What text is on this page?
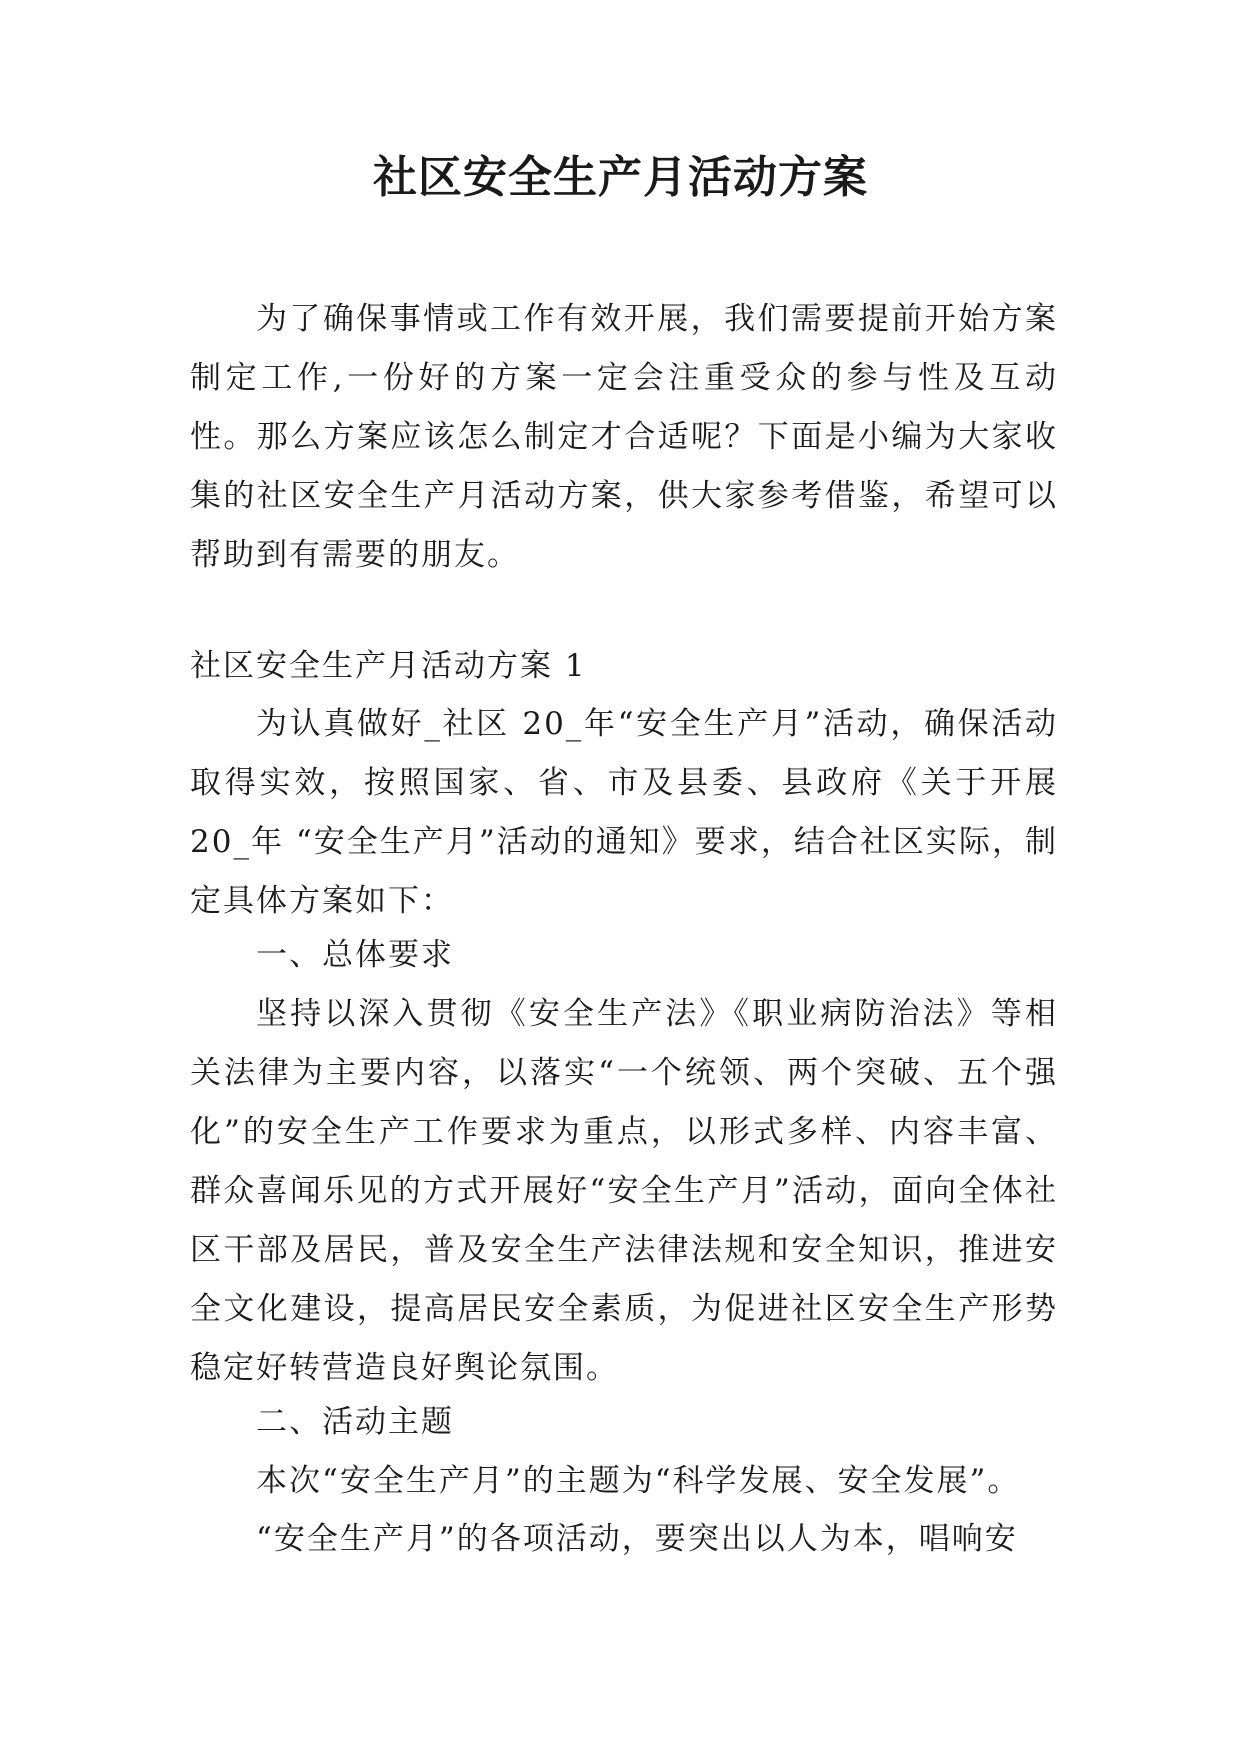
社区安全生产月活动方案

为了确保事情或工作有效开展，我们需要提前开始方案制定工作,一份好的方案一定会注重受众的参与性及互动性。那么方案应该怎么制定才合适呢？下面是小编为大家收集的社区安全生产月活动方案，供大家参考借鉴，希望可以帮助到有需要的朋友。

社区安全生产月活动方案 1

为认真做好_社区 20_年“安全生产月”活动，确保活动取得实效，按照国家、省、市及县委、县政府《关于开展 20_年 “安全生产月”活动的通知》要求，结合社区实际，制定具体方案如下：

一、总体要求

坚持以深入贯彻《安全生产法》《职业病防治法》等相关法律为主要内容，以落实“一个统领、两个突破、五个强化”的安全生产工作要求为重点，以形式多样、内容丰富、群众喜闻乐见的方式开展好“安全生产月”活动，面向全体社区干部及居民，普及安全生产法律法规和安全知识，推进安全文化建设，提高居民安全素质，为促进社区安全生产形势稳定好转营造良好舆论氛围。

二、活动主题

本次“安全生产月”的主题为“科学发展、安全发展”。

“安全生产月”的各项活动，要突出以人为本，唱响安
